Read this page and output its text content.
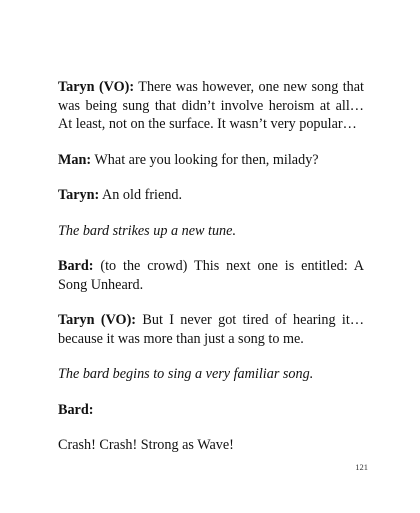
Taryn (VO): There was however, one new song that was being sung that didn’t involve heroism at all… At least, not on the surface. It wasn’t very popular…

Man: What are you looking for then, milady?

Taryn: An old friend.

The bard strikes up a new tune.

Bard: (to the crowd) This next one is entitled: A Song Unheard.

Taryn (VO): But I never got tired of hearing it… because it was more than just a song to me.

The bard begins to sing a very familiar song.

Bard:

Crash! Crash! Strong as Wave!

121
